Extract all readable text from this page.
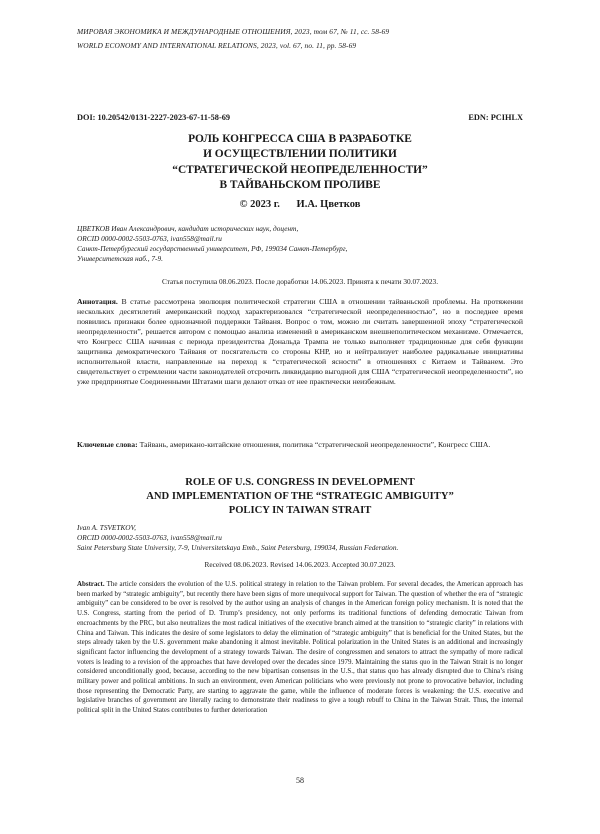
МИРОВАЯ ЭКОНОМИКА И МЕЖДУНАРОДНЫЕ ОТНОШЕНИЯ, 2023, том 67, № 11, сс. 58-69
WORLD ECONOMY AND INTERNATIONAL RELATIONS, 2023, vol. 67, no. 11, pp. 58-69
DOI: 10.20542/0131-2227-2023-67-11-58-69	EDN: PCIHLX
РОЛЬ КОНГРЕССА США В РАЗРАБОТКЕ
И ОСУЩЕСТВЛЕНИИ ПОЛИТИКИ
“СТРАТЕГИЧЕСКОЙ НЕОПРЕДЕЛЕННОСТИ”
В ТАЙВАНЬСКОМ ПРОЛИВЕ
© 2023 г. И.А. Цветков
ЦВЕТКОВ Иван Александрович, кандидат исторических наук, доцент,
ORCID 0000-0002-5503-0763, ivan558@mail.ru
Санкт-Петербургский государственный университет, РФ, 199034 Санкт-Петербург,
Университетская наб., 7-9.
Статья поступила 08.06.2023. После доработки 14.06.2023. Принята к печати 30.07.2023.
Аннотация. В статье рассмотрена эволюция политической стратегии США в отношении тайваньской проблемы. На протяжении нескольких десятилетий американский подход характеризовался “стратегической неопределенностью”, но в последнее время появились признаки более однозначной поддержки Тайваня. Вопрос о том, можно ли считать завершенной эпоху “стратегической неопределенности”, решается автором с помощью анализа изменений в американском внешнеполитическом механизме. Отмечается, что Конгресс США начиная с периода президентства Дональда Трампа не только выполняет традиционные для себя функции защитника демократического Тайваня от посягательств со стороны КНР, но и нейтрализует наиболее радикальные инициативы исполнительной власти, направленные на переход к “стратегической ясности” в отношениях с Китаем и Тайванем. Это свидетельствует о стремлении части законодателей отсрочить ликвидацию выгодной для США “стратегической неопределенности”, но уже предпринятые Соединенными Штатами шаги делают отказ от нее практически неизбежным.
Ключевые слова: Тайвань, американо-китайские отношения, политика “стратегической неопределенности”, Конгресс США.
ROLE OF U.S. CONGRESS IN DEVELOPMENT
AND IMPLEMENTATION OF THE “STRATEGIC AMBIGUITY”
POLICY IN TAIWAN STRAIT
Ivan A. TSVETKOV,
ORCID 0000-0002-5503-0763, ivan558@mail.ru
Saint Petersburg State University, 7-9, Universitetskaya Emb., Saint Petersburg, 199034, Russian Federation.
Received 08.06.2023. Revised 14.06.2023. Accepted 30.07.2023.
Abstract. The article considers the evolution of the U.S. political strategy in relation to the Taiwan problem. For several decades, the American approach has been marked by “strategic ambiguity”, but recently there have been signs of more unequivocal support for Taiwan. The question of whether the era of “strategic ambiguity” can be considered to be over is resolved by the author using an analysis of changes in the American foreign policy mechanism. It is noted that the U.S. Congress, starting from the period of D. Trump’s presidency, not only performs its traditional functions of defending democratic Taiwan from encroachments by the PRC, but also neutralizes the most radical initiatives of the executive branch aimed at the transition to “strategic clarity” in relations with China and Taiwan. This indicates the desire of some legislators to delay the elimination of “strategic ambiguity” that is beneficial for the United States, but the steps already taken by the U.S. government make abandoning it almost inevitable. Political polarization in the United States is an additional and increasingly significant factor influencing the development of a strategy towards Taiwan. The desire of congressmen and senators to attract the sympathy of more radical voters is leading to a revision of the approaches that have developed over the decades since 1979. Maintaining the status quo in the Taiwan Strait is no longer considered unconditionally good, because, according to the new bipartisan consensus in the U.S., that status quo has already disrupted due to China’s rising military power and political ambitions. In such an environment, even American politicians who were previously not prone to provocative behavior, including those representing the Democratic Party, are starting to aggravate the game, while the influence of moderate forces is weakening: the U.S. executive and legislative branches of government are literally racing to demonstrate their readiness to give a tough rebuff to China in the Taiwan Strait. Thus, the internal political split in the United States contributes to further deterioration
58
